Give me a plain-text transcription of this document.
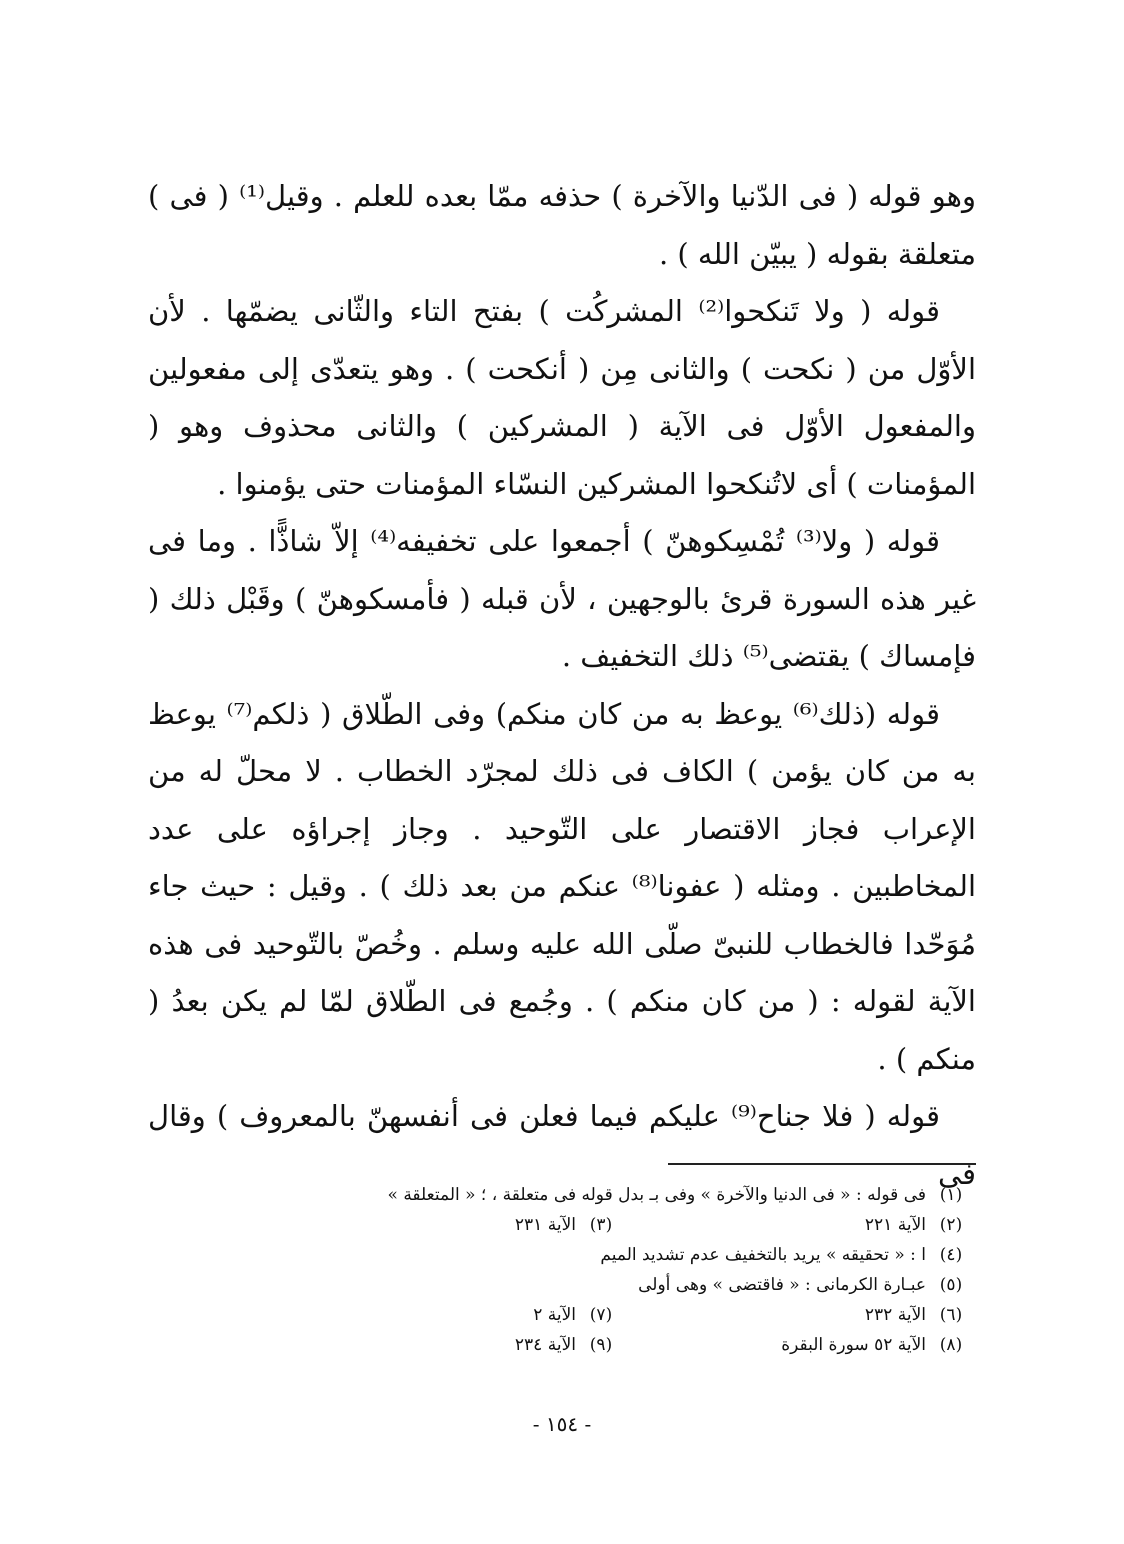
وهو قوله ( فى الدّنيا والآخرة ) حذفه ممّا بعده للعلم . وقيل⁽¹⁾ ( فى ) متعلقة بقوله ( يبيّن الله ) .

قوله ( ولا تَنكحوا⁽²⁾ المشركُت ) بفتح التاء والثّانى يضمّها . لأن الأوّل من ( نكحت ) والثانى مِن ( أنكحت ) . وهو يتعدّى إلى مفعولين والمفعول الأوّل فى الآية ( المشركين ) والثانى محذوف وهو ( المؤمنات ) أى لاتُنكحوا المشركين النسّاء المؤمنات حتى يؤمنوا .

قوله ( ولا⁽³⁾ تُمْسِكوهنّ ) أجمعوا على تخفيفه⁽⁴⁾ إلاّ شاذًّا . وما فى غير هذه السورة قرئ بالوجهين ، لأن قبله ( فأمسكوهنّ ) وقَبْل ذلك ( فإمساك ) يقتضى⁽⁵⁾ ذلك التخفيف .

قوله (ذلك⁽⁶⁾ يوعظ به من كان منكم) وفى الطّلاق ( ذلكم⁽⁷⁾ يوعظ به من كان يؤمن ) الكاف فى ذلك لمجرّد الخطاب . لا محلّ له من الإعراب فجاز الاقتصار على التّوحيد . وجاز إجراؤه على عدد المخاطبين . ومثله ( عفونا⁽⁸⁾ عنكم من بعد ذلك ) . وقيل : حيث جاء مُوَحّدا فالخطاب للنبىّ صلّى الله عليه وسلم . وخُصّ بالتّوحيد فى هذه الآية لقوله : ( من كان منكم ) . وجُمع فى الطّلاق لمّا لم يكن بعدُ ( منكم ) .

قوله ( فلا جناح⁽⁹⁾ عليكم فيما فعلن فى أنفسهنّ بالمعروف ) وقال فى

(١)
فى قوله : « فى الدنيا والآخرة » وفى بـ بدل قوله فى متعلقة ، ؛ « المتعلقة »
(٢)
الآية ٢٢١
(٣)
الآية ٢٣١
(٤)
ا : « تحقيقه » يريد بالتخفيف عدم تشديد الميم
(٥)
عبـارة الكرمانى : « فاقتضى » وهى أولى
(٦)
الآية ٢٣٢
(٧)
الآية ٢
(٨)
الآية ٥٢ سورة البقرة
(٩)
الآية ٢٣٤
- ١٥٤ -
